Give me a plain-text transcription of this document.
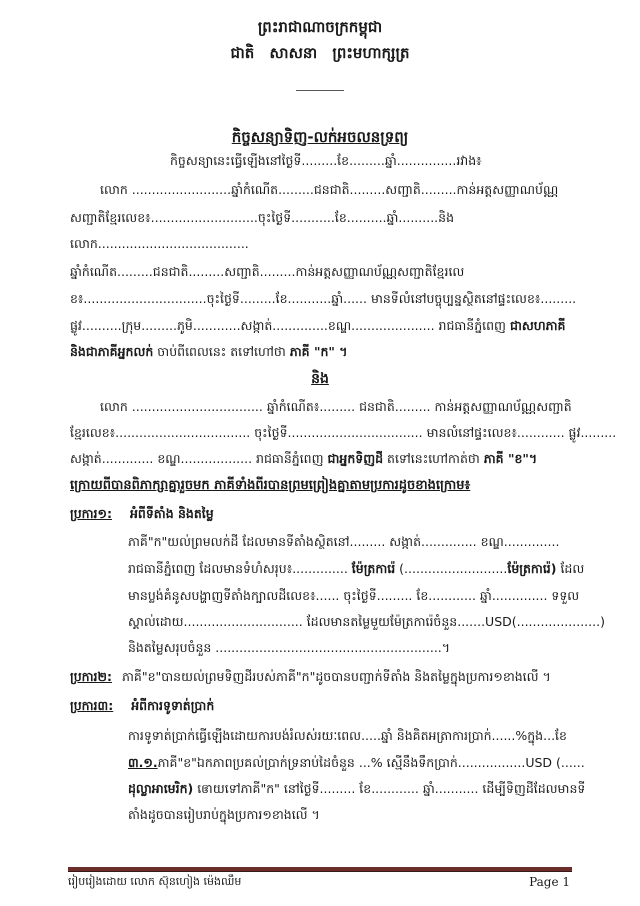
ព្រះរាជាណាចក្រកម្ពុជា
ជាតិ សាសនា ព្រះមហាក្សត្រ
កិច្ចសន្យាទិញ-លក់អចលនទ្រព្យ
កិច្ចសន្យានេះធ្វើឡើងនៅថ្ងៃទី.........ខែ.........ឆ្នាំ...............រវាង៖
លោក .........................ឆ្នាំកំណើត.........ជនជាតិ.........សញ្ជាតិ.........កាន់អត្តសញ្ញាណប័ណ្ណ
សញ្ជាតិខ្មែរលេខ៖...........................ចុះថ្ងៃទី...........ខែ..........ឆ្នាំ..........និង
លោក......................................
ឆ្នាំកំណើត.........ជនជាតិ.........សញ្ជាតិ.........កាន់អត្តសញ្ញាណប័ណ្ណសញ្ជាតិខ្មែរលេ
ខ៖...............................ចុះថ្ងៃទី.........ខែ...........ឆ្នាំ...... មានទីលំនៅបច្ចុប្បន្នស្ថិតនៅផ្ទះលេខ៖.........
ផ្លូវ..........ក្រុម.........ភូមិ............សង្កាត់..............ខណ្ឌ..................... រាជធានីភ្នំពេញ ជាសហភាគី
និងជាភាគីអ្នកលក់ ចាប់ពីពេលនេះ តទៅហៅថា ភាគី "ក" ។
និង
លោក ................................. ឆ្នាំកំណើត៖......... ជនជាតិ......... កាន់អត្តសញ្ញាណប័ណ្ណសញ្ជាតិ
ខ្មែរលេខ៖.................................. ចុះថ្ងៃទី.................................. មានលំនៅផ្ទះលេខ៖............ ផ្លូវ.........
សង្កាត់............. ខណ្ឌ.................. រាជធានីភ្នំពេញ ជាអ្នកទិញដី តទៅនេះហៅកាត់ថា ភាគី "ខ"។
ក្រោយពីបានពិភាក្សាគ្នារួចមក ភាគីទាំងពីរបានព្រមព្រៀងគ្នាតាមប្រការដូចខាងក្រោម៖
ប្រការ១: អំពីទីតាំង និងតម្លៃ
ភាគី"ក"យល់ព្រមលក់ដី ដែលមានទីតាំងស្ថិតនៅ......... សង្កាត់.............. ខណ្ឌ..............
រាជធានីភ្នំពេញ ដែលមានទំហំសរុប៖.............. ម៉ែត្រការ៉េ (..........................ម៉ែត្រការ៉េ) ដែល
មានប្លង់គំនូសបង្ហាញទីតាំងក្បាលដីលេខ៖...... ចុះថ្ងៃទី......... ខែ............ ឆ្នាំ.............. ទទួល
ស្គាល់ដោយ.............................. ដែលមានតម្លៃមួយម៉ែត្រការ៉េចំនួន.......USD(.....................)
និងតម្លៃសរុបចំនួន .........................................................។
ប្រការ២: ភាគី"ខ"បានយល់ព្រមទិញដីរបស់ភាគី"ក"ដូចបានបញ្ជាក់ទីតាំង និងតម្លៃក្នុងប្រការ១ខាងលើ ។
ប្រការ៣: អំពីការទូទាត់ប្រាក់
ការទូទាត់ប្រាក់ធ្វើឡើងដោយការបង់រំលស់រយៈពេល.....ឆ្នាំ និងគិតអត្រាការប្រាក់......%ក្នុង...ខែ
៣.១.ភាគី"ខ"ឯកភាពប្រគល់ប្រាក់ទ្រនាប់ដៃចំនួន ...% ស្មើនឹងទឹកប្រាក់.................USD (......
ដុល្លាអាមេរិក) ឲោយទៅភាគី"ក" នៅថ្ងៃទី......... ខែ............ ឆ្នាំ........... ដើម្បីទិញដីដែលមានទី
តាំងដូចបានរៀបរាប់ក្នុងប្រការ១ខាងលើ ។
រៀបរៀងដោយ លោក ស៊ុនហៀង ម៉េងឈឹម	Page 1
